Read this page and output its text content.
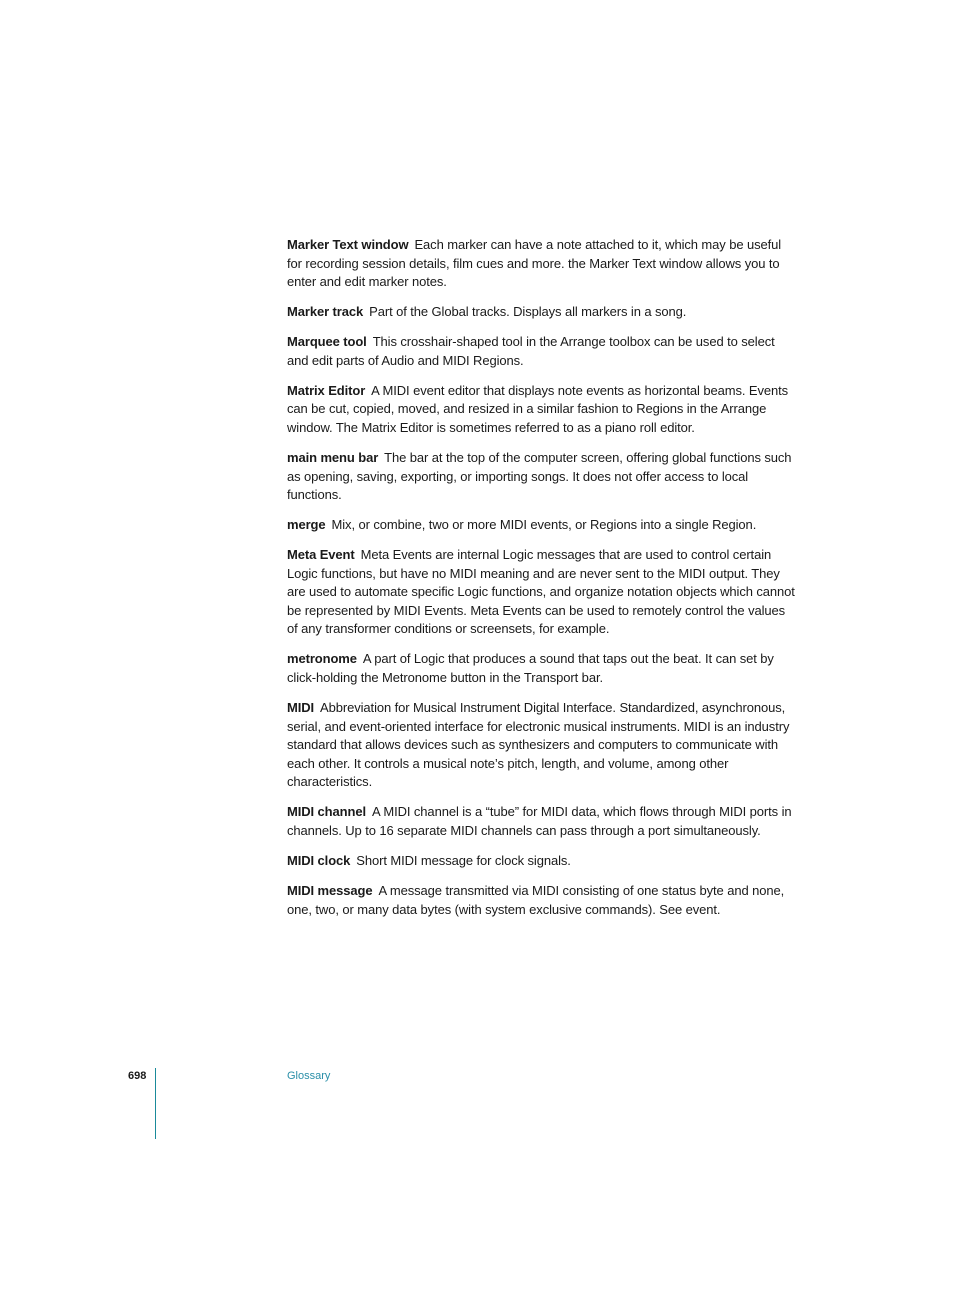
Marker Text window Each marker can have a note attached to it, which may be useful for recording session details, film cues and more. the Marker Text window allows you to enter and edit marker notes.

Marker track Part of the Global tracks. Displays all markers in a song.

Marquee tool This crosshair-shaped tool in the Arrange toolbox can be used to select and edit parts of Audio and MIDI Regions.

Matrix Editor A MIDI event editor that displays note events as horizontal beams. Events can be cut, copied, moved, and resized in a similar fashion to Regions in the Arrange window. The Matrix Editor is sometimes referred to as a piano roll editor.

main menu bar The bar at the top of the computer screen, offering global functions such as opening, saving, exporting, or importing songs. It does not offer access to local functions.

merge Mix, or combine, two or more MIDI events, or Regions into a single Region.

Meta Event Meta Events are internal Logic messages that are used to control certain Logic functions, but have no MIDI meaning and are never sent to the MIDI output. They are used to automate specific Logic functions, and organize notation objects which cannot be represented by MIDI Events. Meta Events can be used to remotely control the values of any transformer conditions or screensets, for example.

metronome A part of Logic that produces a sound that taps out the beat. It can set by click-holding the Metronome button in the Transport bar.

MIDI Abbreviation for Musical Instrument Digital Interface. Standardized, asynchronous, serial, and event-oriented interface for electronic musical instruments. MIDI is an industry standard that allows devices such as synthesizers and computers to communicate with each other. It controls a musical note’s pitch, length, and volume, among other characteristics.

MIDI channel A MIDI channel is a “tube” for MIDI data, which flows through MIDI ports in channels. Up to 16 separate MIDI channels can pass through a port simultaneously.

MIDI clock Short MIDI message for clock signals.

MIDI message A message transmitted via MIDI consisting of one status byte and none, one, two, or many data bytes (with system exclusive commands). See event.

698	Glossary
